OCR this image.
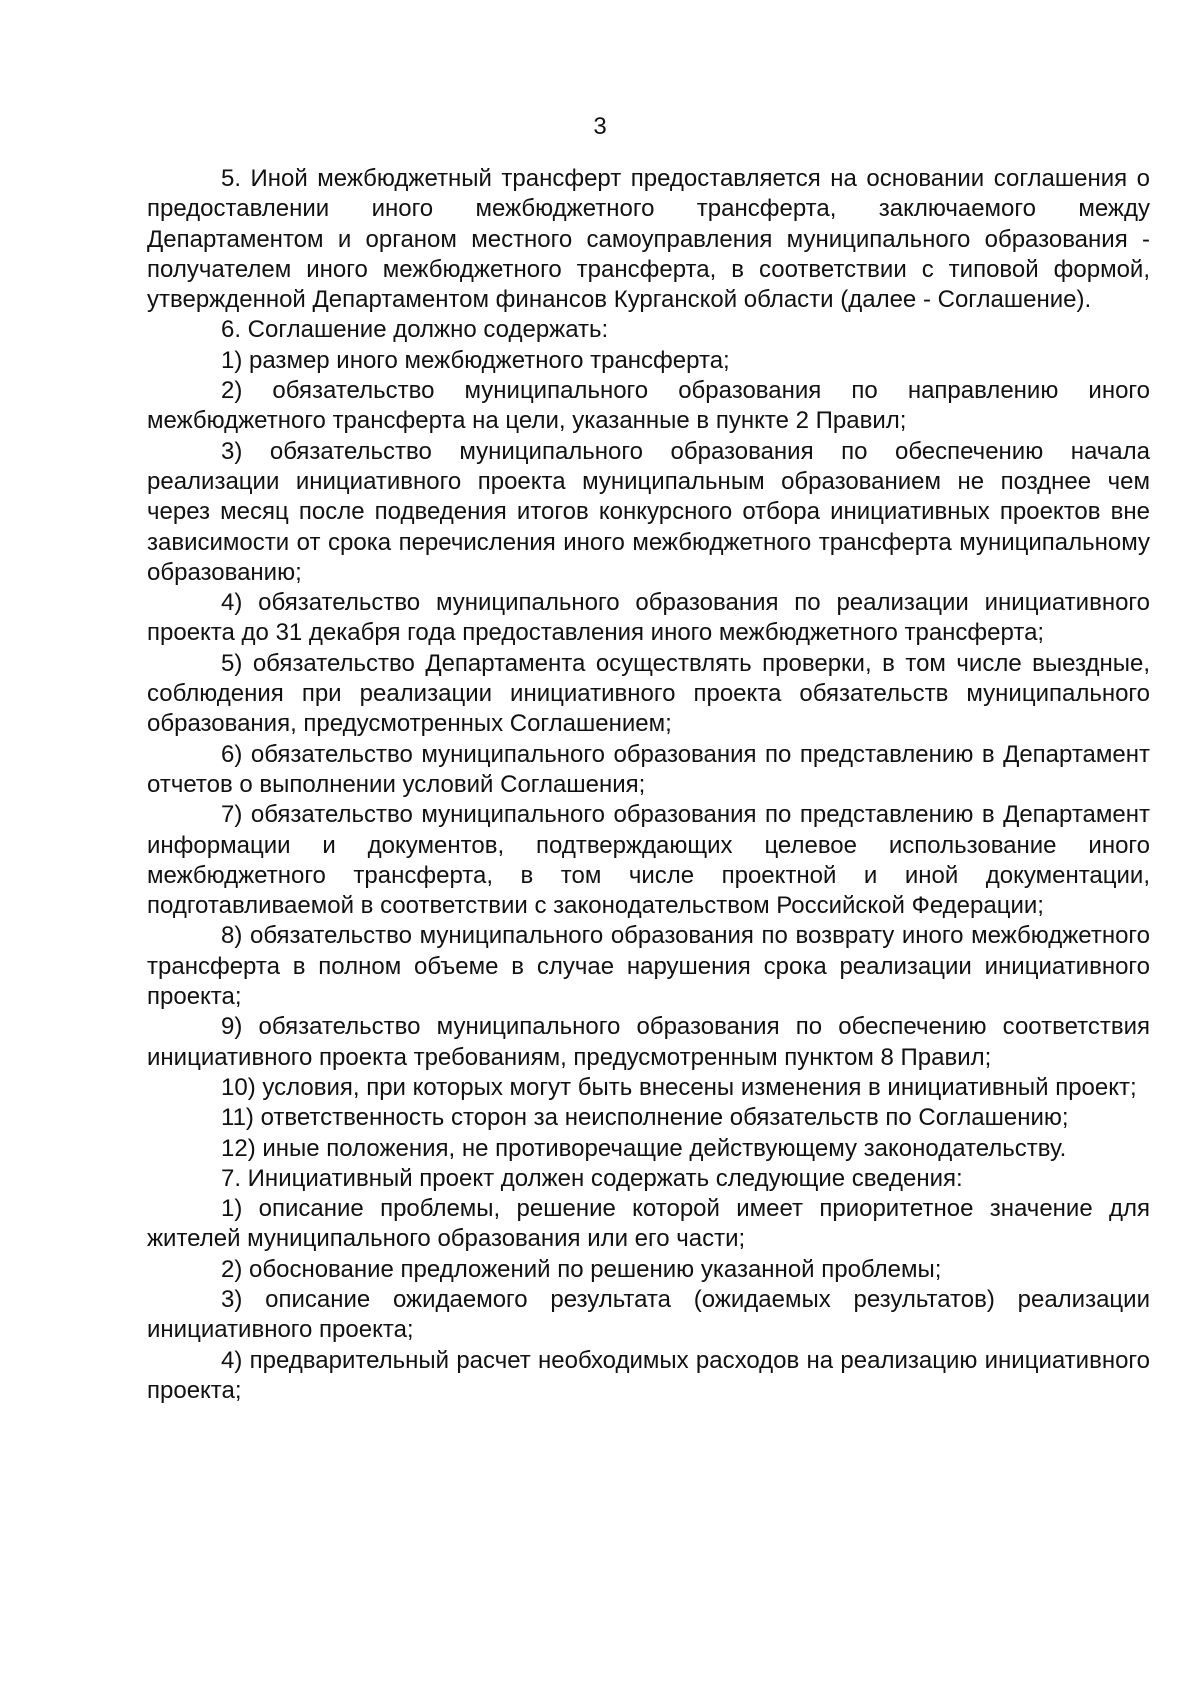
3

5. Иной межбюджетный трансферт предоставляется на основании соглашения о предоставлении иного межбюджетного трансферта, заключаемого между Департаментом и органом местного самоуправления муниципального образования - получателем иного межбюджетного трансферта, в соответствии с типовой формой, утвержденной Департаментом финансов Курганской области (далее - Соглашение).

6. Соглашение должно содержать:

1) размер иного межбюджетного трансферта;

2) обязательство муниципального образования по направлению иного межбюджетного трансферта на цели, указанные в пункте 2 Правил;

3) обязательство муниципального образования по обеспечению начала реализации инициативного проекта муниципальным образованием не позднее чем через месяц после подведения итогов конкурсного отбора инициативных проектов вне зависимости от срока перечисления иного межбюджетного трансферта муниципальному образованию;

4) обязательство муниципального образования по реализации инициативного проекта до 31 декабря года предоставления иного межбюджетного трансферта;

5) обязательство Департамента осуществлять проверки, в том числе выездные, соблюдения при реализации инициативного проекта обязательств муниципального образования, предусмотренных Соглашением;

6) обязательство муниципального образования по представлению в Департамент отчетов о выполнении условий Соглашения;

7) обязательство муниципального образования по представлению в Департамент информации и документов, подтверждающих целевое использование иного межбюджетного трансферта, в том числе проектной и иной документации, подготавливаемой в соответствии с законодательством Российской Федерации;

8) обязательство муниципального образования по возврату иного межбюджетного трансферта в полном объеме в случае нарушения срока реализации инициативного проекта;

9) обязательство муниципального образования по обеспечению соответствия инициативного проекта требованиям, предусмотренным пунктом 8 Правил;

10) условия, при которых могут быть внесены изменения в инициативный проект;

11) ответственность сторон за неисполнение обязательств по Соглашению;

12) иные положения, не противоречащие действующему законодательству.

7. Инициативный проект должен содержать следующие сведения:

1) описание проблемы, решение которой имеет приоритетное значение для жителей муниципального образования или его части;

2) обоснование предложений по решению указанной проблемы;

3) описание ожидаемого результата (ожидаемых результатов) реализации инициативного проекта;

4) предварительный расчет необходимых расходов на реализацию инициативного проекта;
